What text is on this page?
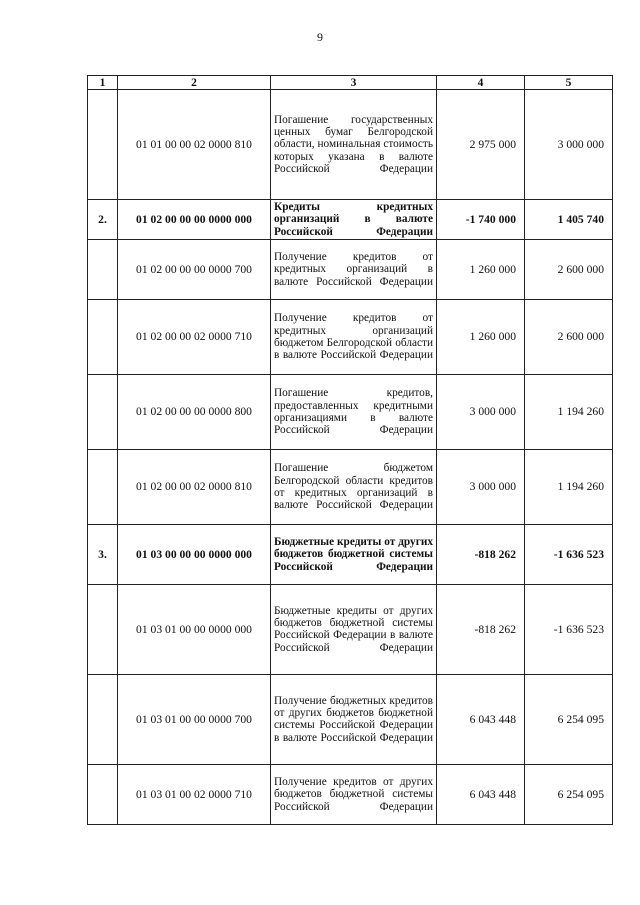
9
1	2	3	4	5
	01 01 00 00 02 0000 810	Погашение государственных ценных бумаг Белгородской области, номинальная стоимость которых указана в валюте Российской Федерации	2 975 000	3 000 000
2.	01 02 00 00 00 0000 000	Кредиты кредитных организаций в валюте Российской Федерации	-1 740 000	1 405 740
	01 02 00 00 00 0000 700	Получение кредитов от кредитных организаций в валюте Российской Федерации	1 260 000	2 600 000
	01 02 00 00 02 0000 710	Получение кредитов от кредитных организаций бюджетом Белгородской области в валюте Российской Федерации	1 260 000	2 600 000
	01 02 00 00 00 0000 800	Погашение кредитов, предоставленных кредитными организациями в валюте Российской Федерации	3 000 000	1 194 260
	01 02 00 00 02 0000 810	Погашение бюджетом Белгородской области кредитов от кредитных организаций в валюте Российской Федерации	3 000 000	1 194 260
3.	01 03 00 00 00 0000 000	Бюджетные кредиты от других бюджетов бюджетной системы Российской Федерации	-818 262	-1 636 523
	01 03 01 00 00 0000 000	Бюджетные кредиты от других бюджетов бюджетной системы Российской Федерации в валюте Российской Федерации	-818 262	-1 636 523
	01 03 01 00 00 0000 700	Получение бюджетных кредитов от других бюджетов бюджетной системы Российской Федерации в валюте Российской Федерации	6 043 448	6 254 095
	01 03 01 00 02 0000 710	Получение кредитов от других бюджетов бюджетной системы Российской Федерации	6 043 448	6 254 095
